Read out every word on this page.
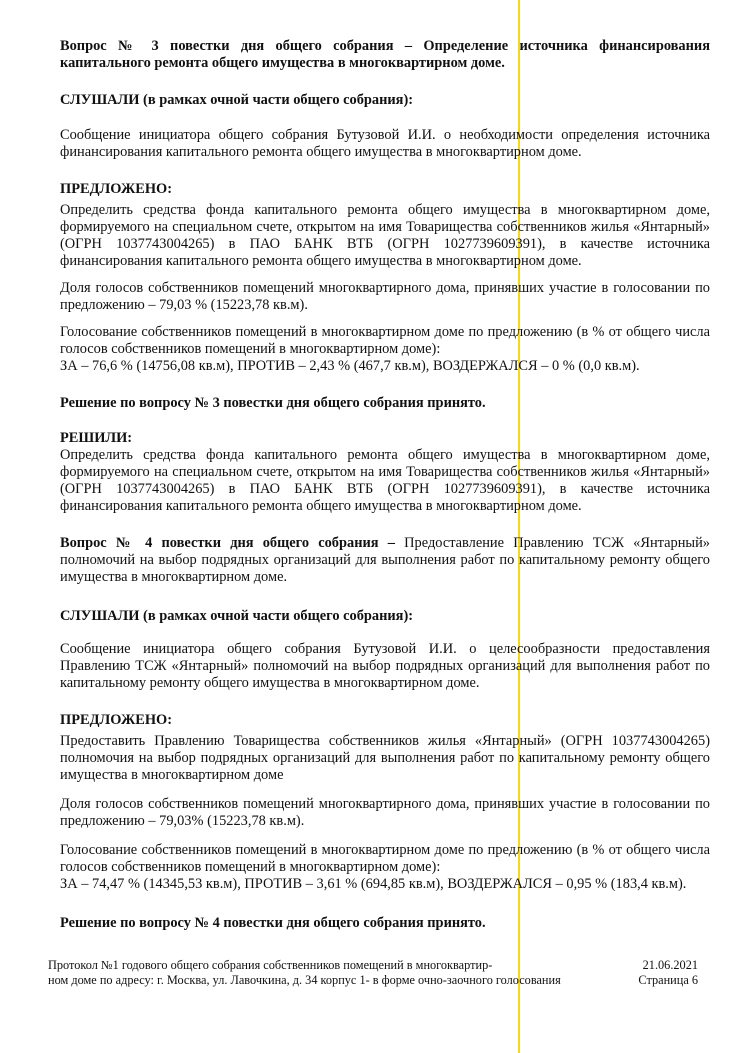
Вопрос № 3 повестки дня общего собрания – Определение источника финансирования капитального ремонта общего имущества в многоквартирном доме.

СЛУШАЛИ (в рамках очной части общего собрания):

Сообщение инициатора общего собрания Бутузовой И.И. о необходимости определения источника финансирования капитального ремонта общего имущества в многоквартирном доме.

ПРЕДЛОЖЕНО:

Определить средства фонда капитального ремонта общего имущества в многоквартирном доме, формируемого на специальном счете, открытом на имя Товарищества собственников жилья «Янтарный» (ОГРН 1037743004265) в ПАО БАНК ВТБ (ОГРН 1027739609391), в качестве источника финансирования капитального ремонта общего имущества в многоквартирном доме.

Доля голосов собственников помещений многоквартирного дома, принявших участие в голосовании по предложению – 79,03 % (15223,78 кв.м).

Голосование собственников помещений в многоквартирном доме по предложению (в % от общего числа голосов собственников помещений в многоквартирном доме):

ЗА – 76,6 % (14756,08 кв.м), ПРОТИВ – 2,43 % (467,7 кв.м), ВОЗДЕРЖАЛСЯ – 0 % (0,0 кв.м).

Решение по вопросу № 3 повестки дня общего собрания принято.

РЕШИЛИ:

Определить средства фонда капитального ремонта общего имущества в многоквартирном доме, формируемого на специальном счете, открытом на имя Товарищества собственников жилья «Янтарный» (ОГРН 1037743004265) в ПАО БАНК ВТБ (ОГРН 1027739609391), в качестве источника финансирования капитального ремонта общего имущества в многоквартирном доме.

Вопрос № 4 повестки дня общего собрания – Предоставление Правлению ТСЖ «Янтарный» полномочий на выбор подрядных организаций для выполнения работ по капитальному ремонту общего имущества в многоквартирном доме.

СЛУШАЛИ (в рамках очной части общего собрания):

Сообщение инициатора общего собрания Бутузовой И.И. о целесообразности предоставления Правлению ТСЖ «Янтарный» полномочий на выбор подрядных организаций для выполнения работ по капитальному ремонту общего имущества в многоквартирном доме.

ПРЕДЛОЖЕНО:

Предоставить Правлению Товарищества собственников жилья «Янтарный» (ОГРН 1037743004265) полномочия на выбор подрядных организаций для выполнения работ по капитальному ремонту общего имущества в многоквартирном доме

Доля голосов собственников помещений многоквартирного дома, принявших участие в голосовании по предложению – 79,03% (15223,78 кв.м).

Голосование собственников помещений в многоквартирном доме по предложению (в % от общего числа голосов собственников помещений в многоквартирном доме):

ЗА – 74,47 % (14345,53 кв.м), ПРОТИВ – 3,61 % (694,85 кв.м), ВОЗДЕРЖАЛСЯ – 0,95 % (183,4 кв.м).

Решение по вопросу № 4 повестки дня общего собрания принято.

Протокол №1 годового общего собрания собственников помещений в многоквартир-
ном доме по адресу: г. Москва, ул. Лавочкина, д. 34 корпус 1- в форме очно-заочного голосования
21.06.2021
Страница 6
